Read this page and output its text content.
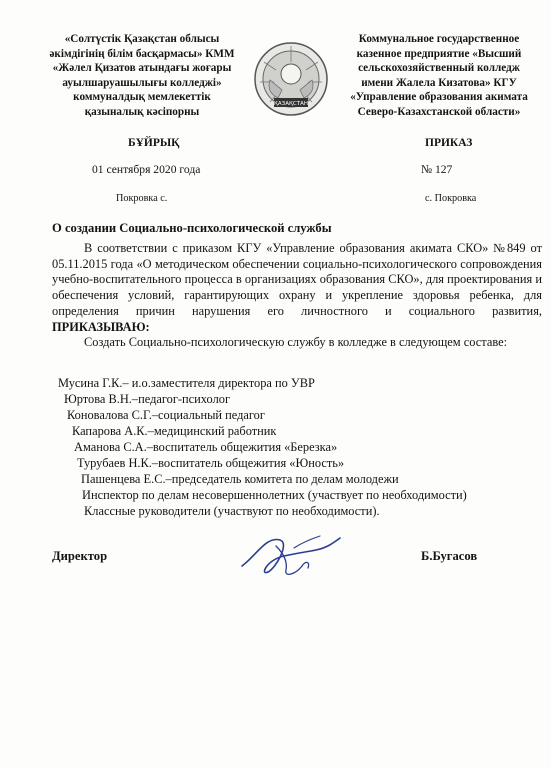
«Солтүстік Қазақстан облысы
әкімдігінің білім басқармасы» КММ
«Жәлел Қизатов атындағы жоғары
ауылшаруашылығы колледжі»
коммуналдық мемлекеттік
қазыналық кәсіпорны
ҚАЗАҚСТАН
Коммунальное государственное
казенное предприятие «Высший
сельскохозяйственный колледж
имени Жалела Кизатова» КГУ
«Управление образования акимата
Северо-Казахстанской области»
БҰЙРЫҚ	ПРИКАЗ
01 сентября 2020 года	№ 127
Покровка с.	с. Покровка
О создании Социально-психологической службы

В соответствии с приказом КГУ «Управление образования акимата СКО» №849 от 05.11.2015 года «О методическом обеспечении социально-психологического сопровождения учебно-воспитательного процесса в организациях образования СКО», для проектирования и обеспечения условий, гарантирующих охрану и укрепление здоровья ребенка, для определения причин нарушения его личностного и социального развития, ПРИКАЗЫВАЮ:

Создать Социально-психологическую службу в колледже в следующем составе:

Мусина Г.К.– и.о.заместителя директора по УВР
Юртова В.Н.–педагог-психолог
Коновалова С.Г.–социальный педагог
Капарова А.К.–медицинский работник
Аманова С.А.–воспитатель общежития «Березка»
Турубаев Н.К.–воспитатель общежития «Юность»
Пашенцева Е.С.–председатель комитета по делам молодежи
Инспектор по делам несовершеннолетних (участвует по необходимости)
Классные руководители (участвуют по необходимости).
Директор	Б.Бугасов
